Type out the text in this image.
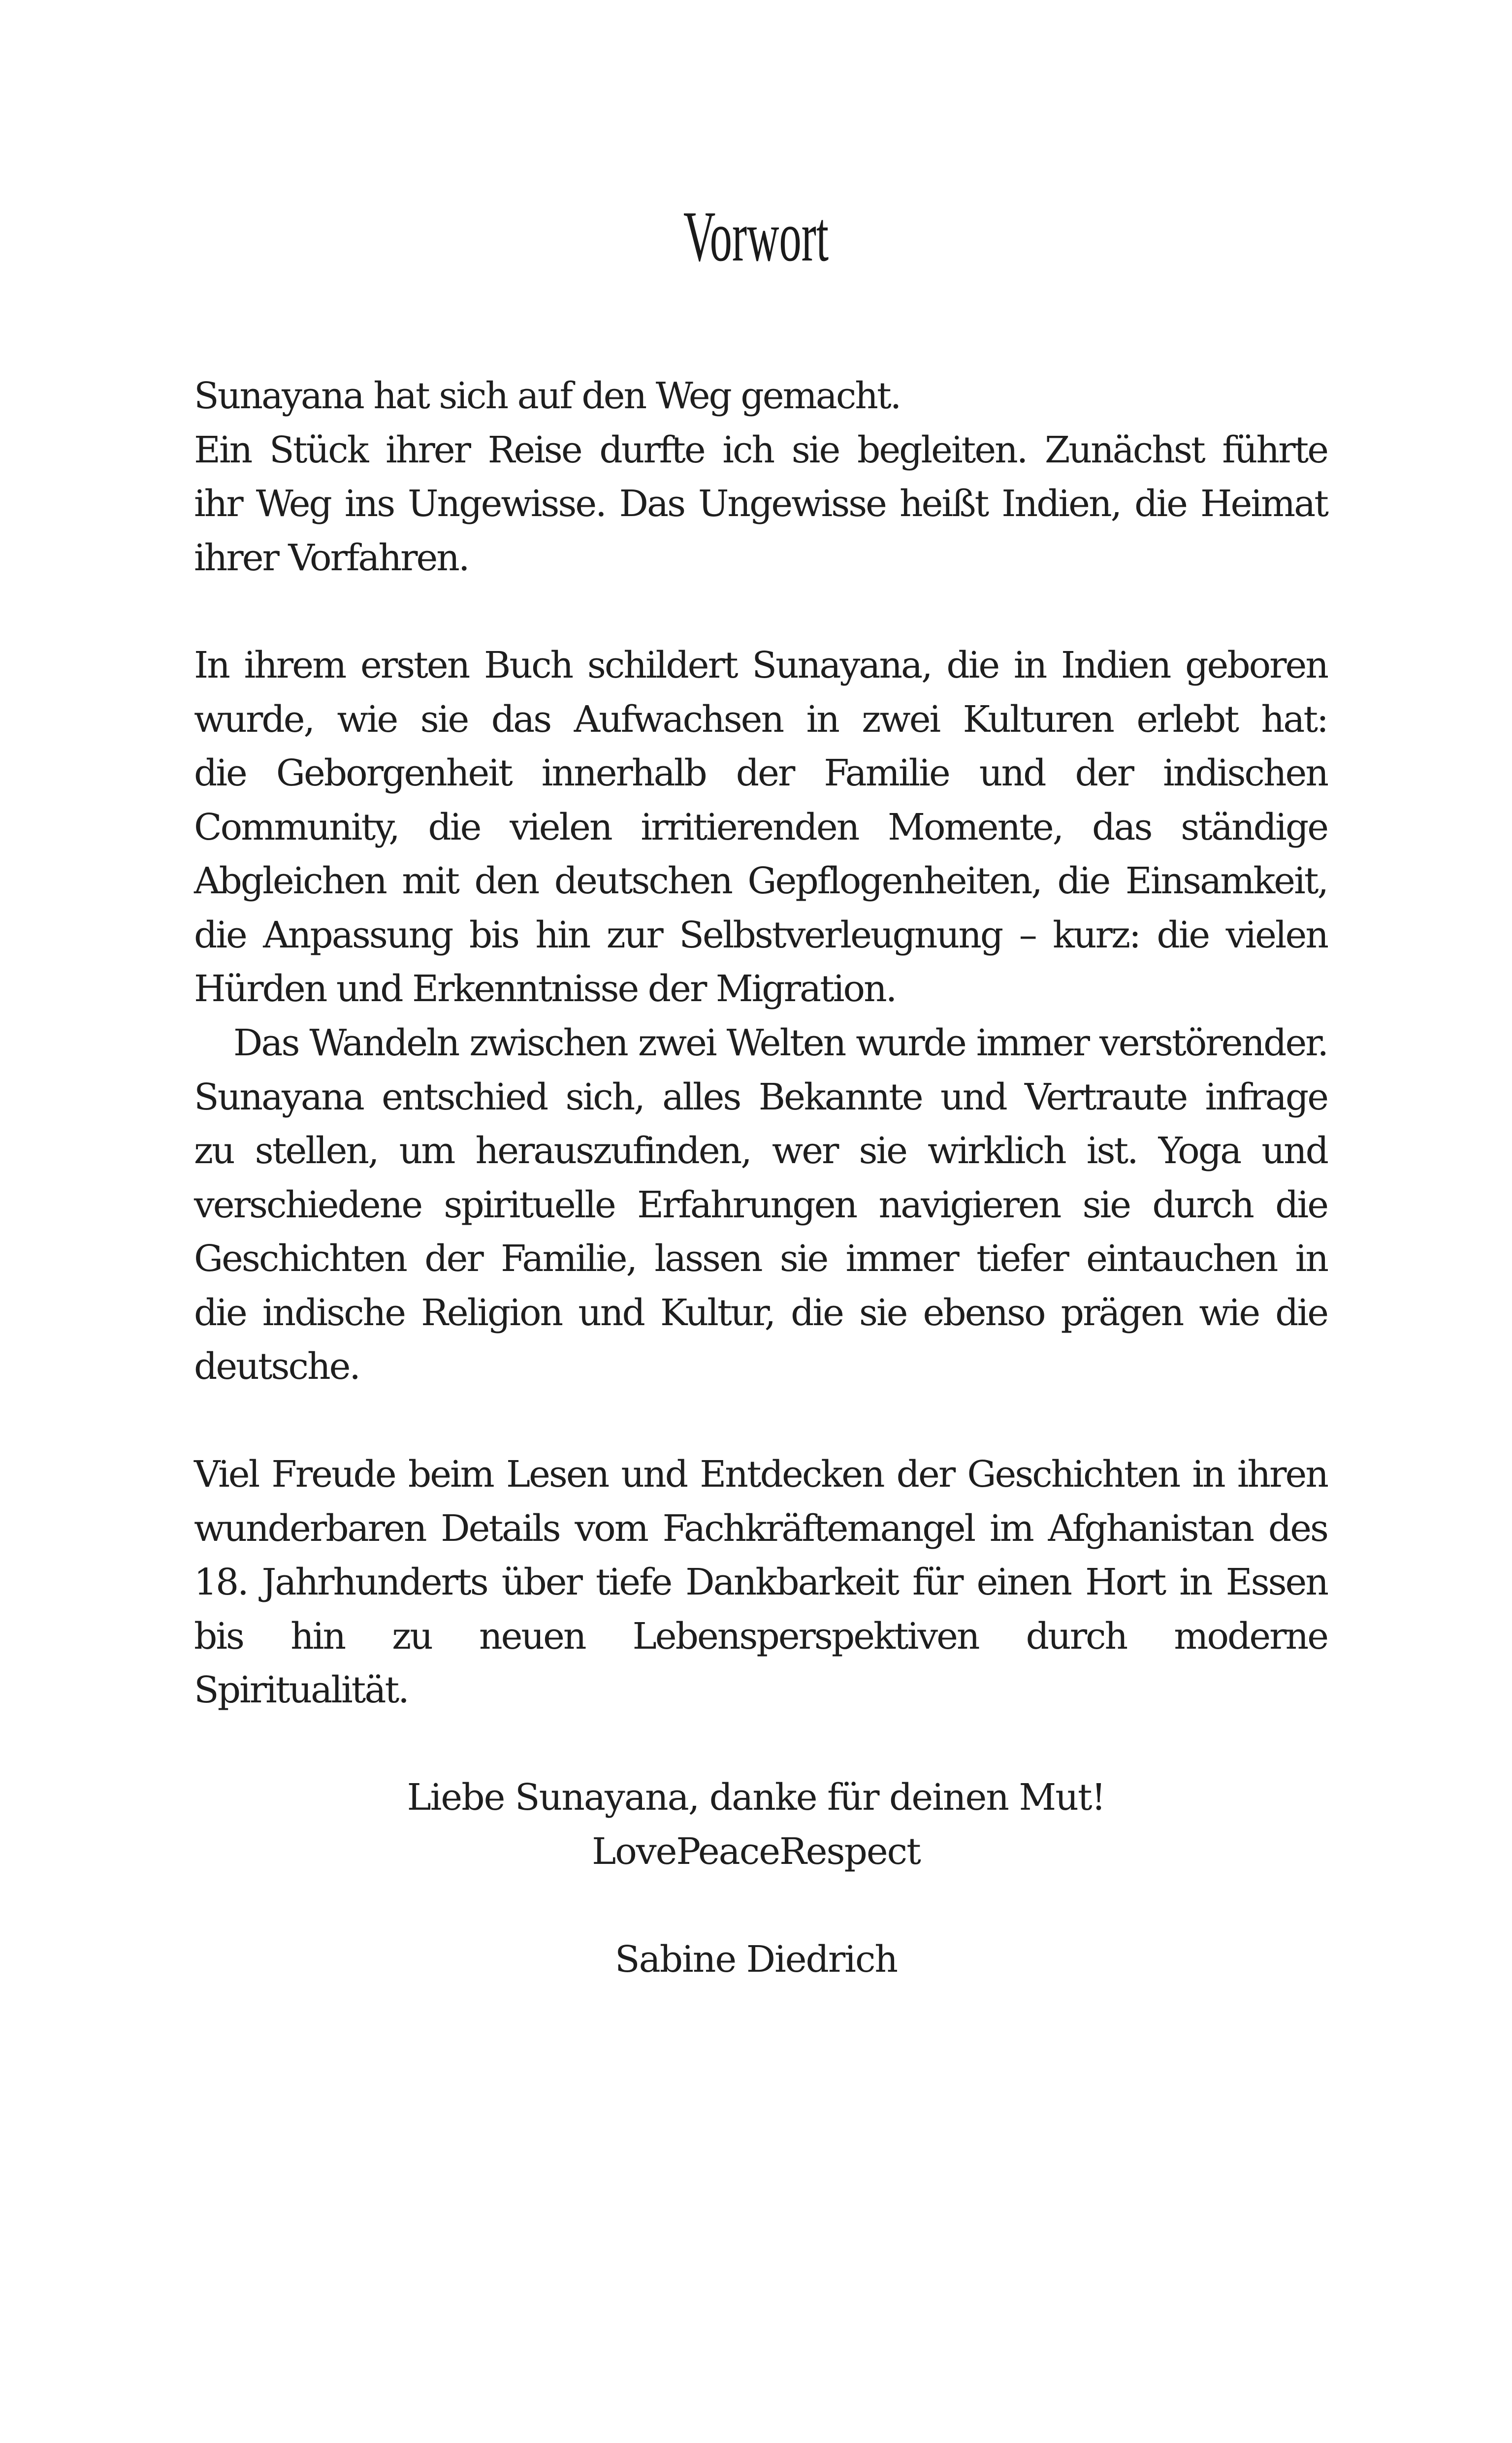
Vorwort
Sunayana hat sich auf den Weg gemacht.
Ein Stück ihrer Reise durfte ich sie begleiten. Zunächst führte
ihr Weg ins Ungewisse. Das Ungewisse heißt Indien, die Heimat
ihrer Vorfahren.
In ihrem ersten Buch schildert Sunayana, die in Indien geboren
wurde, wie sie das Aufwachsen in zwei Kulturen erlebt hat:
die Geborgenheit innerhalb der Familie und der indischen
Community, die vielen irritierenden Momente, das ständige
Abgleichen mit den deutschen Gepflogenheiten, die Einsamkeit,
die Anpassung bis hin zur Selbstverleugnung – kurz: die vielen
Hürden und Erkenntnisse der Migration.
Das Wandeln zwischen zwei Welten wurde immer verstörender.
Sunayana entschied sich, alles Bekannte und Vertraute infrage
zu stellen, um herauszufinden, wer sie wirklich ist. Yoga und
verschiedene spirituelle Erfahrungen navigieren sie durch die
Geschichten der Familie, lassen sie immer tiefer eintauchen in
die indische Religion und Kultur, die sie ebenso prägen wie die
deutsche.
Viel Freude beim Lesen und Entdecken der Geschichten in ihren
wunderbaren Details vom Fachkräftemangel im Afghanistan des
18. Jahrhunderts über tiefe Dankbarkeit für einen Hort in Essen
bis hin zu neuen Lebensperspektiven durch moderne Spiritualität.
Liebe Sunayana, danke für deinen Mut!
LovePeaceRespect
Sabine Diedrich
